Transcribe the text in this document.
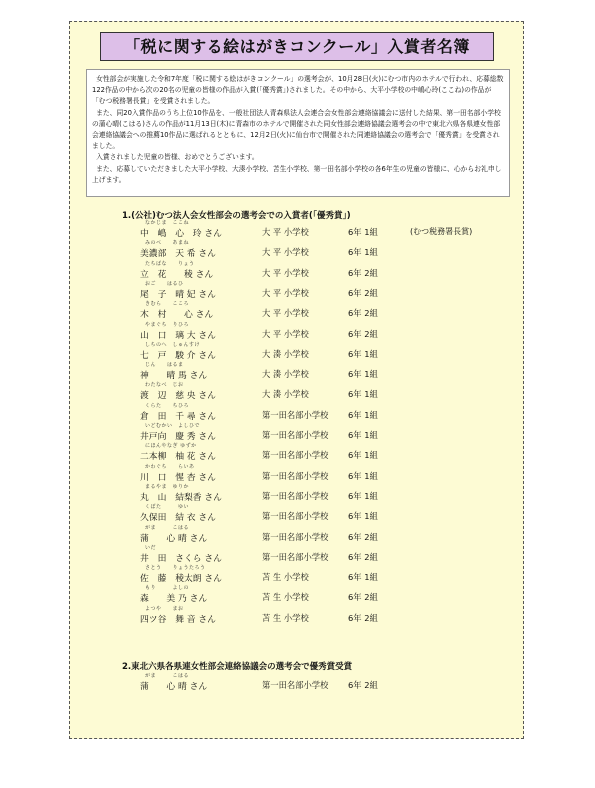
「税に関する絵はがきコンクール」入賞者名簿

女性部会が実施した令和7年度「税に関する絵はがきコンクール」の選考会が、10月28日(火)にむつ市内のホテルで行われ、応募総数122作品の中から次の20名の児童の皆様の作品が入賞(「優秀賞」)されました。その中から、大平小学校の中嶋心玲(ここね)の作品が「むつ税務署長賞」を受賞されました。

また、同20入賞作品のうち上位10作品を、一般社団法人青森県法人会連合会女性部会連絡協議会に送付した結果、第一田名部小学校の蒲心晴(こはる)さんの作品が11月13日(木)に青森市のホテルで開催された同女性部会連絡協議会選考会の中で東北六県各県連女性部会連絡協議会への推薦10作品に選ばれるとともに、12月2日(火)に仙台市で開催された同連絡協議会の選考会で「優秀賞」を受賞されました。

入賞されました児童の皆様、おめでとうございます。

また、応募していただきました大平小学校、大湊小学校、苫生小学校、第一田名部小学校の各6年生の児童の皆様に、心からお礼申し上げます。

1.(公社)むつ法人会女性部会の選考会での入賞者(「優秀賞」)
なかじま　ここね
中　嶋　心　玲 さん	大 平 小学校	6年 1組	(むつ税務署長賞)
みのべ　　あまね
美濃部　天 希 さん	大 平 小学校	6年 1組
たちばな　　りょう
立　花　　稜 さん	大 平 小学校	6年 2組
おご　　はるひ
尾　子　晴 妃 さん	大 平 小学校	6年 2組
きむら　　こころ
木　村　　心 さん	大 平 小学校	6年 2組
やまぐち　りひろ
山　口　璃 大 さん	大 平 小学校	6年 2組
しちのへ　しゅんすけ
七　戸　駿 介 さん	大 湊 小学校	6年 1組
じん　　はるま
神　　晴 馬 さん	大 湊 小学校	6年 1組
わたなべ　じお
渡　辺　慈 央 さん	大 湊 小学校	6年 1組
くらた　　ちひろ
倉　田　千 尋 さん	第一田名部小学校 6年 1組
いどむかい　よしひで
井戸向　慶 秀 さん	第一田名部小学校 6年 1組
にほんやなぎ ゆずか
二本柳　柚 花 さん	第一田名部小学校 6年 1組
かわぐち　　らいあ
川　口　惺 杏 さん	第一田名部小学校 6年 1組
まるやま　ゆりか
丸　山　結梨香 さん	第一田名部小学校 6年 1組
くぼた　　　ゆい
久保田　結 衣 さん	第一田名部小学校 6年 1組
がま　　　こはる
蒲　　心 晴 さん	第一田名部小学校 6年 2組
いだ
井　田　さくら さん	第一田名部小学校 6年 2組
さとう　　りょうたろう
佐　藤　稜太朗 さん	苫 生 小学校	6年 1組
もり　　　よしの
森　　美 乃 さん	苫 生 小学校	6年 2組
よつや　　まお
四ツ谷　舞 音 さん	苫 生 小学校	6年 2組
2.東北六県各県連女性部会連絡協議会の選考会で優秀賞受賞
がま　　　こはる
蒲　　心 晴 さん	第一田名部小学校 6年 2組
